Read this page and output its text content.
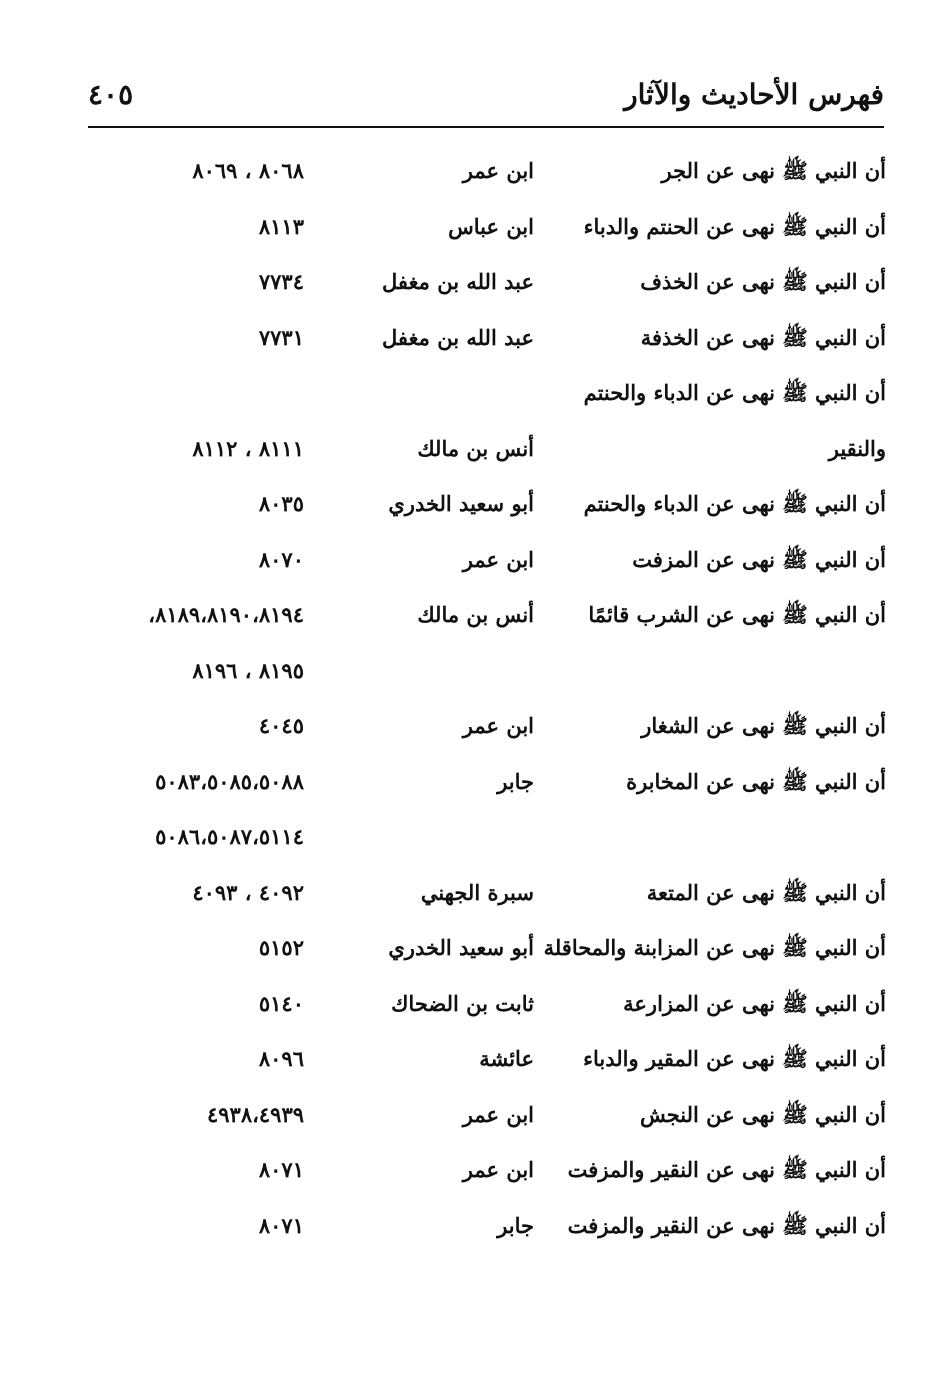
فهرس الأحاديث والآثار
٤٠٥
أن النبي ﷺ نهى عن الجر
ابن عمر
٨٠٦٨ ، ٨٠٦٩
أن النبي ﷺ نهى عن الحنتم والدباء
ابن عباس
٨١١٣
أن النبي ﷺ نهى عن الخذف
عبد الله بن مغفل
٧٧٣٤
أن النبي ﷺ نهى عن الخذفة
عبد الله بن مغفل
٧٧٣١
أن النبي ﷺ نهى عن الدباء والحنتم
والنقير
أنس بن مالك
٨١١١ ، ٨١١٢
أن النبي ﷺ نهى عن الدباء والحنتم
أبو سعيد الخدري
٨٠٣٥
أن النبي ﷺ نهى عن المزفت
ابن عمر
٨٠٧٠
أن النبي ﷺ نهى عن الشرب قائمًا
أنس بن مالك
٨١٨٩،٨١٩٠،٨١٩٤،
٨١٩٥ ، ٨١٩٦
أن النبي ﷺ نهى عن الشغار
ابن عمر
٤٠٤٥
أن النبي ﷺ نهى عن المخابرة
جابر
٥٠٨٣،٥٠٨٥،٥٠٨٨
٥٠٨٦،٥٠٨٧،٥١١٤
أن النبي ﷺ نهى عن المتعة
سبرة الجهني
٤٠٩٢ ، ٤٠٩٣
أن النبي ﷺ نهى عن المزابنة والمحاقلة
أبو سعيد الخدري
٥١٥٢
أن النبي ﷺ نهى عن المزارعة
ثابت بن الضحاك
٥١٤٠
أن النبي ﷺ نهى عن المقير والدباء
عائشة
٨٠٩٦
أن النبي ﷺ نهى عن النجش
ابن عمر
٤٩٣٨،٤٩٣٩
أن النبي ﷺ نهى عن النقير والمزفت
ابن عمر
٨٠٧١
أن النبي ﷺ نهى عن النقير والمزفت
جابر
٨٠٧١
